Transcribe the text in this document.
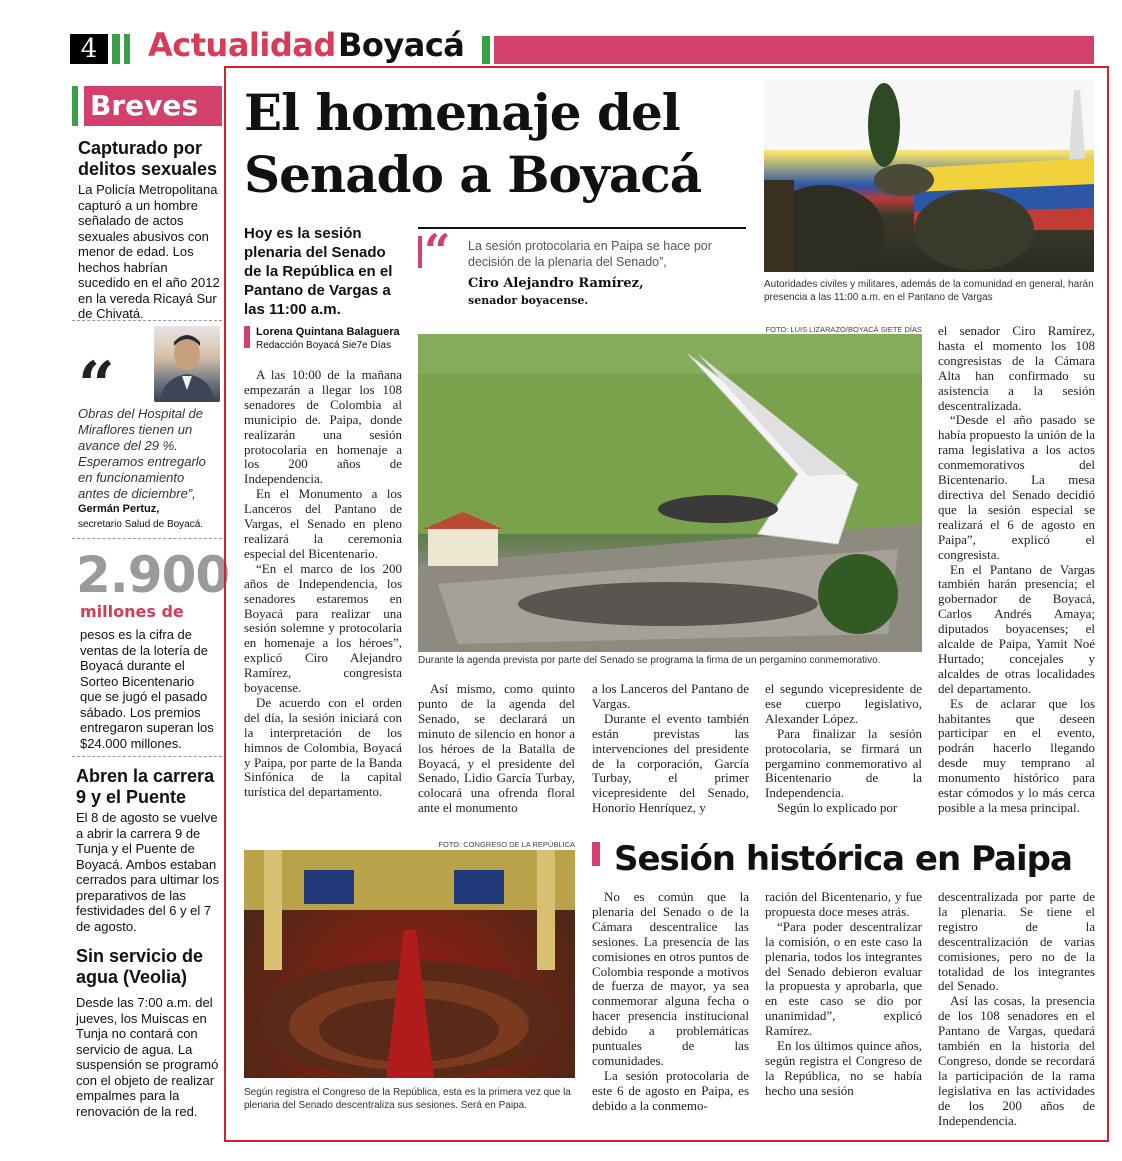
4	Actualidad Boyacá
Breves
Capturado por delitos sexuales
La Policía Metropolitana capturó a un hombre señalado de actos sexuales abusivos con menor de edad. Los hechos habrían sucedido en el año 2012 en la vereda Ricayá Sur de Chivatá.
“
Obras del Hospital de Miraflores tienen un avance del 29 %. Esperamos entregarlo en funcionamiento antes de diciembre”,
Germán Pertuz,
secretario Salud de Boyacá.
2.900
millones de
pesos es la cifra de ventas de la lotería de Boyacá durante el Sorteo Bicentenario que se jugó el pasado sábado. Los premios entregaron superan los $24.000 millones.
Abren la carrera 9 y el Puente
El 8 de agosto se vuelve a abrir la carrera 9 de Tunja y el Puente de Boyacá. Ambos estaban cerrados para ultimar los preparativos de las festividades del 6 y el 7 de agosto.
Sin servicio de agua (Veolia)
Desde las 7:00 a.m. del jueves, los Muiscas en Tunja no contará con servicio de agua. La suspensión se programó con el objeto de realizar empalmes para la renovación de la red.
El homenaje del Senado a Boyacá
Hoy es la sesión plenaria del Senado de la República en el Pantano de Vargas a las 11:00 a.m.
“ La sesión protocolaria en Paipa se hace por decisión de la plenaria del Senado”,
Ciro Alejandro Ramírez,
senador boyacense.
Autoridades civiles y militares, además de la comunidad en general, harán presencia a las 11:00 a.m. en el Pantano de Vargas
Lorena Quintana Balaguera
Redacción Boyacá Sie7e Días
FOTO: LUIS LIZARAZO/BOYACÁ SIETE DÍAS
Durante la agenda prevista por parte del Senado se programa la firma de un pergamino conmemorativo.

A las 10:00 de la mañana empezarán a llegar los 108 senadores de Colombia al municipio de. Paipa, donde realizarán una sesión protocolaria en homenaje a los 200 años de Independencia.

En el Monumento a los Lanceros del Pantano de Vargas, el Senado en pleno realizará la ceremonia especial del Bicentenario.

“En el marco de los 200 años de Independencia, los senadores estaremos en Boyacá para realizar una sesión solemne y protocolaria en homenaje a los héroes”, explicó Ciro Alejandro Ramírez, congresista boyacense.

De acuerdo con el orden del día, la sesión iniciará con la interpretación de los himnos de Colombia, Boyacá y Paipa, por parte de la Banda Sinfónica de la capital turística del departamento.

Así mismo, como quinto punto de la agenda del Senado, se declarará un minuto de silencio en honor a los héroes de la Batalla de Boyacá, y el presidente del Senado, Lidio García Turbay, colocará una ofrenda floral ante el monumento

a los Lanceros del Pantano de Vargas.

Durante el evento también están previstas las intervenciones del presidente de la corporación, García Turbay, el primer vicepresidente del Senado, Honorio Henríquez, y

el segundo vicepresidente de ese cuerpo legislativo, Alexander López.

Para finalizar la sesión protocolaria, se firmará un pergamino conmemorativo al Bicentenario de la Independencia.

Según lo explicado por

el senador Ciro Ramírez, hasta el momento los 108 congresistas de la Cámara Alta han confirmado su asistencia a la sesión descentralizada.

“Desde el año pasado se había propuesto la unión de la rama legislativa a los actos conmemorativos del Bicentenario. La mesa directiva del Senado decidió que la sesión especial se realizará el 6 de agosto en Paipa”, explicó el congresista.

En el Pantano de Vargas también harán presencia; el gobernador de Boyacá, Carlos Andrés Amaya; diputados boyacenses; el alcalde de Paipa, Yamit Noé Hurtado; concejales y alcaldes de otras localidades del departamento.

Es de aclarar que los habitantes que deseen participar en el evento, podrán hacerlo llegando desde muy temprano al monumento histórico para estar cómodos y lo más cerca posible a la mesa principal.

FOTO: CONGRESO DE LA REPÚBLICA
Según registra el Congreso de la República, esta es la primera vez que la plenaria del Senado descentraliza sus sesiones. Será en Paipa.
Sesión histórica en Paipa

No es común que la plenaria del Senado o de la Cámara descentralice las sesiones. La presencia de las comisiones en otros puntos de Colombia responde a motivos de fuerza de mayor, ya sea conmemorar alguna fecha o hacer presencia institucional debido a problemáticas puntuales de las comunidades.

La sesión protocolaria de este 6 de agosto en Paipa, es debido a la conmemo-

ración del Bicentenario, y fue propuesta doce meses atrás.

“Para poder descentralizar la comisión, o en este caso la plenaria, todos los integrantes del Senado debieron evaluar la propuesta y aprobarla, que en este caso se dio por unanimidad”, explicó Ramírez.

En los últimos quince años, según registra el Congreso de la República, no se había hecho una sesión

descentralizada por parte de la plenaria. Se tiene el registro de la descentralización de varias comisiones, pero no de la totalidad de los integrantes del Senado.

Así las cosas, la presencia de los 108 senadores en el Pantano de Vargas, quedará también en la historia del Congreso, donde se recordará la participación de la rama legislativa en las actividades de los 200 años de Independencia.
